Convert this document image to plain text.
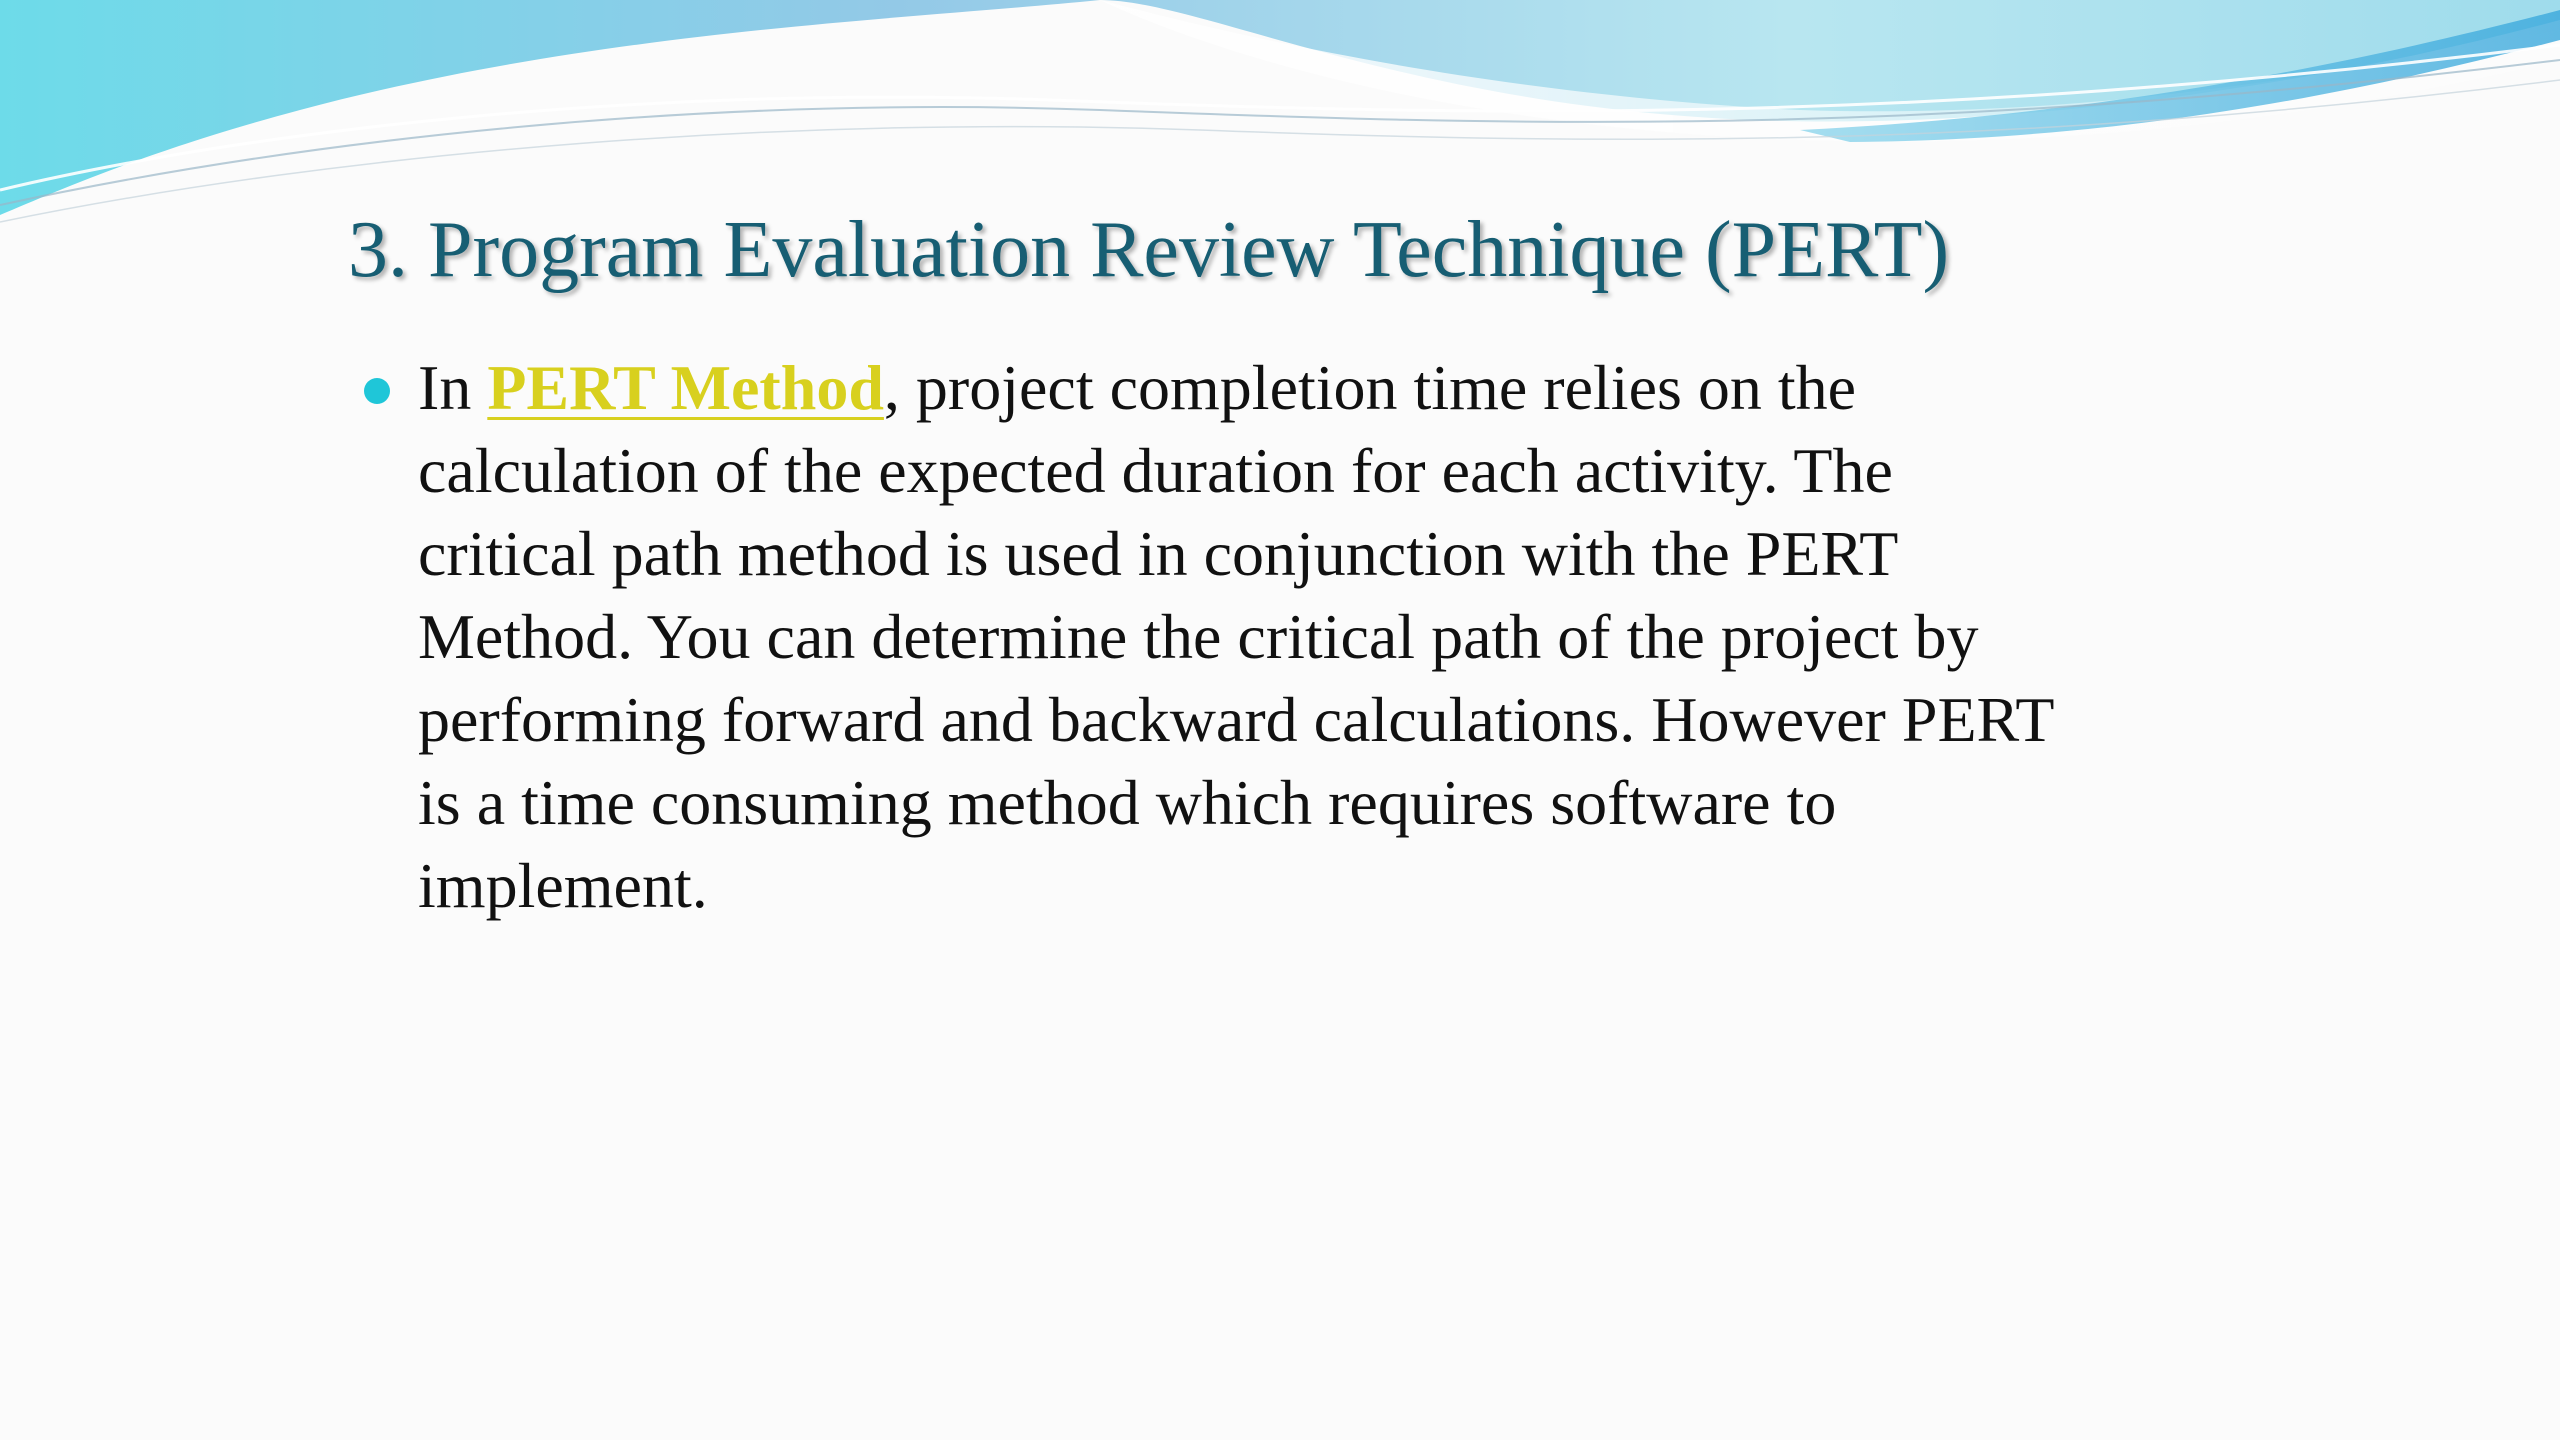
3. Program Evaluation Review Technique (PERT)
In PERT Method, project completion time relies on the
calculation of the expected duration for each activity. The
critical path method is used in conjunction with the PERT
Method. You can determine the critical path of the project by
performing forward and backward calculations. However PERT
is a time consuming method which requires software to
implement.
